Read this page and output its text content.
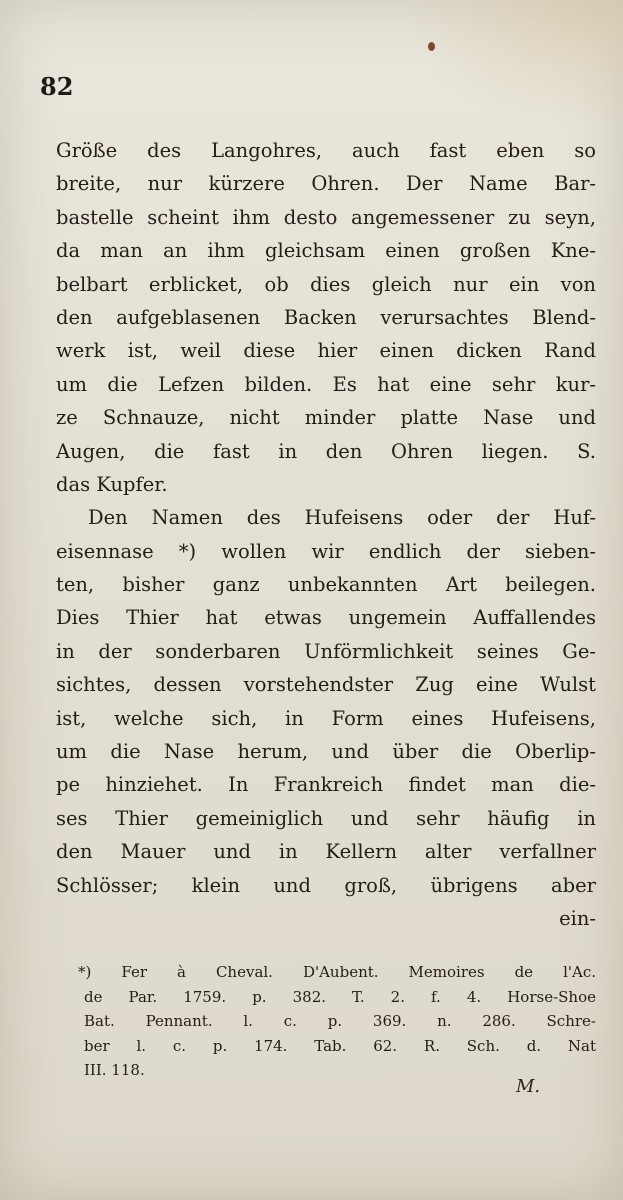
82
Größe des Langohres, auch fast eben so
breite, nur kürzere Ohren. Der Name Bar-
bastelle scheint ihm desto angemessener zu seyn,
da man an ihm gleichsam einen großen Kne-
belbart erblicket, ob dies gleich nur ein von
den aufgeblasenen Backen verursachtes Blend-
werk ist, weil diese hier einen dicken Rand
um die Lefzen bilden. Es hat eine sehr kur-
ze Schnauze, nicht minder platte Nase und
Augen, die fast in den Ohren liegen. S.
das Kupfer.
Den Namen des Hufeisens oder der Huf-
eisennase *) wollen wir endlich der sieben-
ten, bisher ganz unbekannten Art beilegen.
Dies Thier hat etwas ungemein Auffallendes
in der sonderbaren Unförmlichkeit seines Ge-
sichtes, dessen vorstehendster Zug eine Wulst
ist, welche sich, in Form eines Hufeisens,
um die Nase herum, und über die Oberlip-
pe hinziehet. In Frankreich findet man die-
ses Thier gemeiniglich und sehr häufig in
den Mauer und in Kellern alter verfallner
Schlösser; klein und groß, übrigens aber
ein-
*) Fer à Cheval. D'Aubent. Memoires de l'Ac.
de Par. 1759. p. 382. T. 2. f. 4. Horse-Shoe
Bat. Pennant. l. c. p. 369. n. 286. Schre-
ber l. c. p. 174. Tab. 62. R. Sch. d. Nat
III. 118.
M.
